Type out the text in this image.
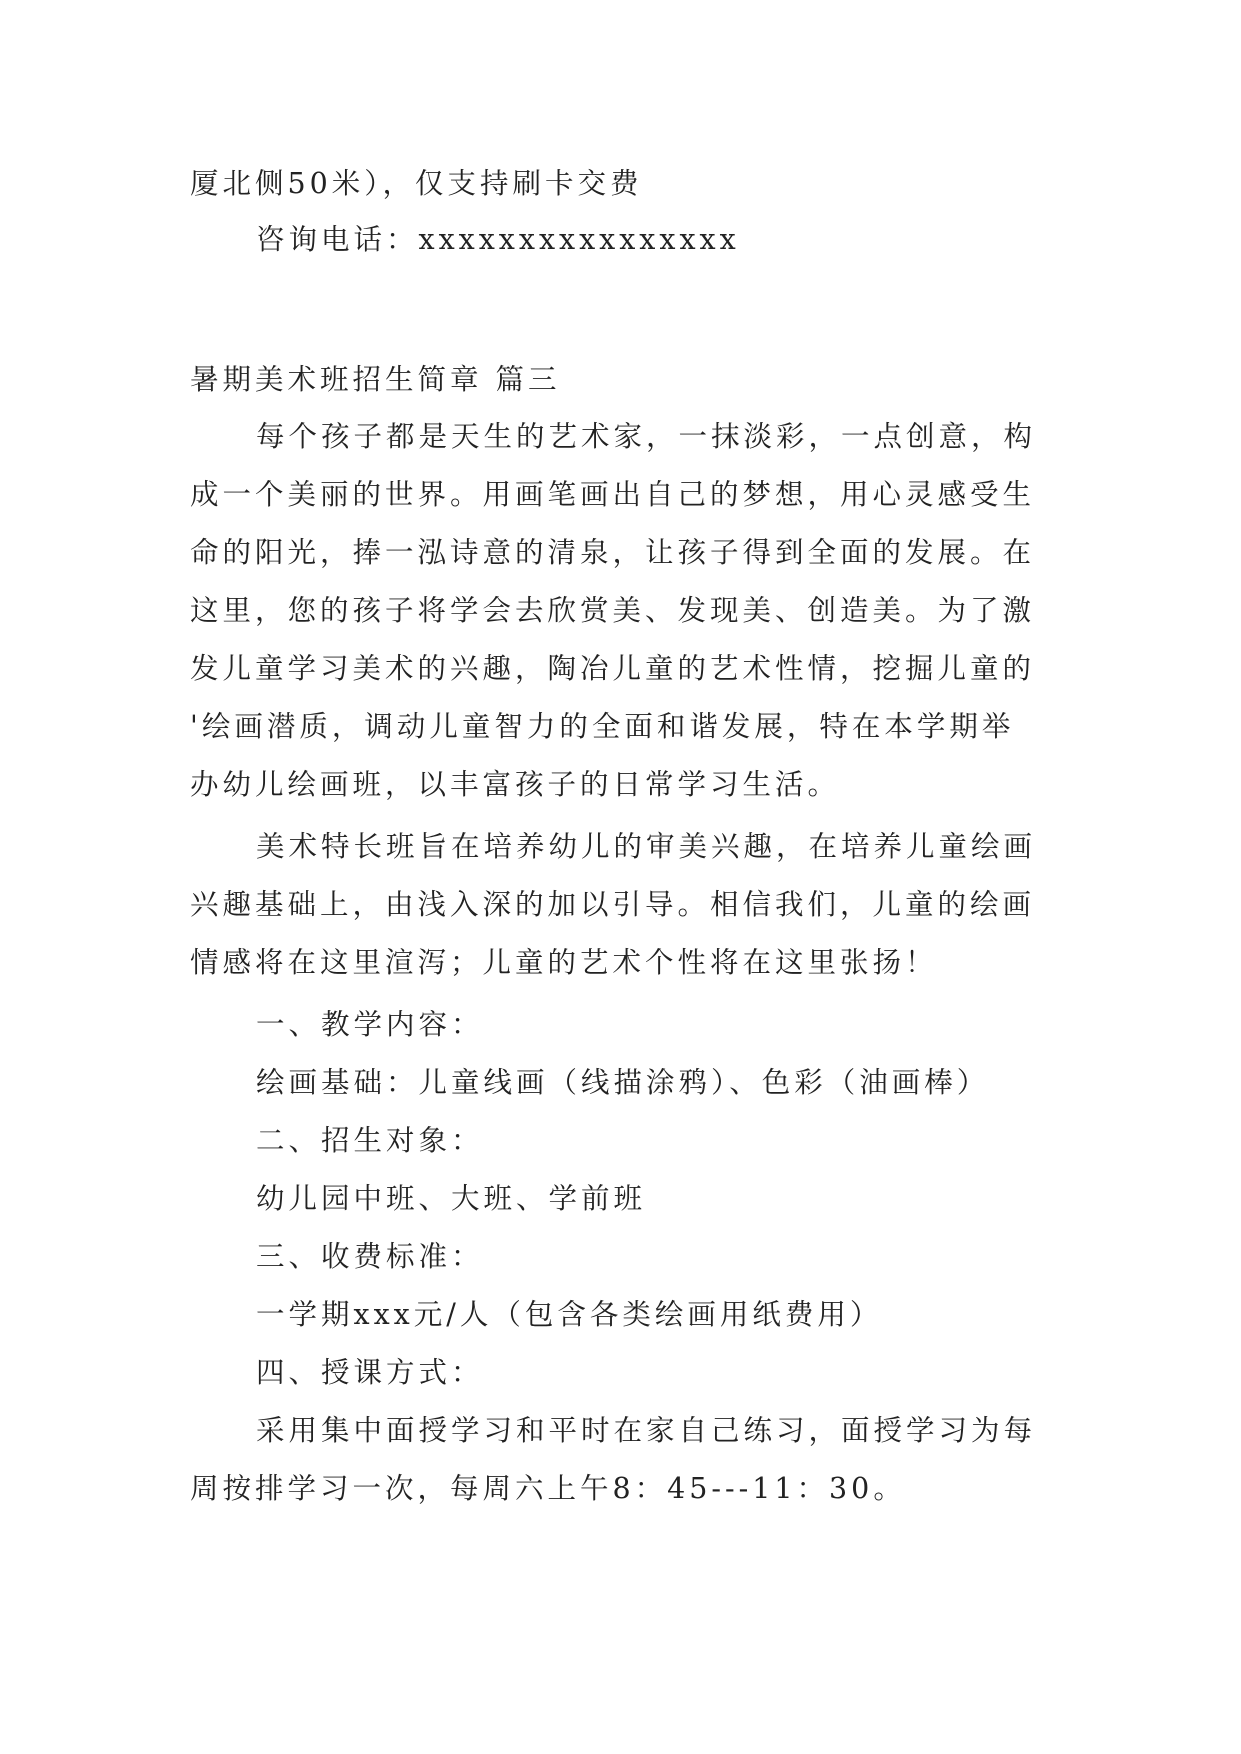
厦北侧50米），仅支持刷卡交费

咨询电话：xxxxxxxxxxxxxxxx

暑期美术班招生简章 篇三

每个孩子都是天生的艺术家，一抹淡彩，一点创意，构

成一个美丽的世界。用画笔画出自己的梦想，用心灵感受生

命的阳光，捧一泓诗意的清泉，让孩子得到全面的发展。在

这里，您的孩子将学会去欣赏美、发现美、创造美。为了激

发儿童学习美术的兴趣，陶冶儿童的艺术性情，挖掘儿童的

'绘画潜质，调动儿童智力的全面和谐发展，特在本学期举

办幼儿绘画班，以丰富孩子的日常学习生活。

美术特长班旨在培养幼儿的审美兴趣，在培养儿童绘画

兴趣基础上，由浅入深的加以引导。相信我们，儿童的绘画

情感将在这里渲泻；儿童的艺术个性将在这里张扬！

一、教学内容：

绘画基础：儿童线画（线描涂鸦）、色彩（油画棒）

二、招生对象：

幼儿园中班、大班、学前班

三、收费标准：

一学期xxx元/人（包含各类绘画用纸费用）

四、授课方式：

采用集中面授学习和平时在家自己练习，面授学习为每

周按排学习一次，每周六上午8：45---11：30。
